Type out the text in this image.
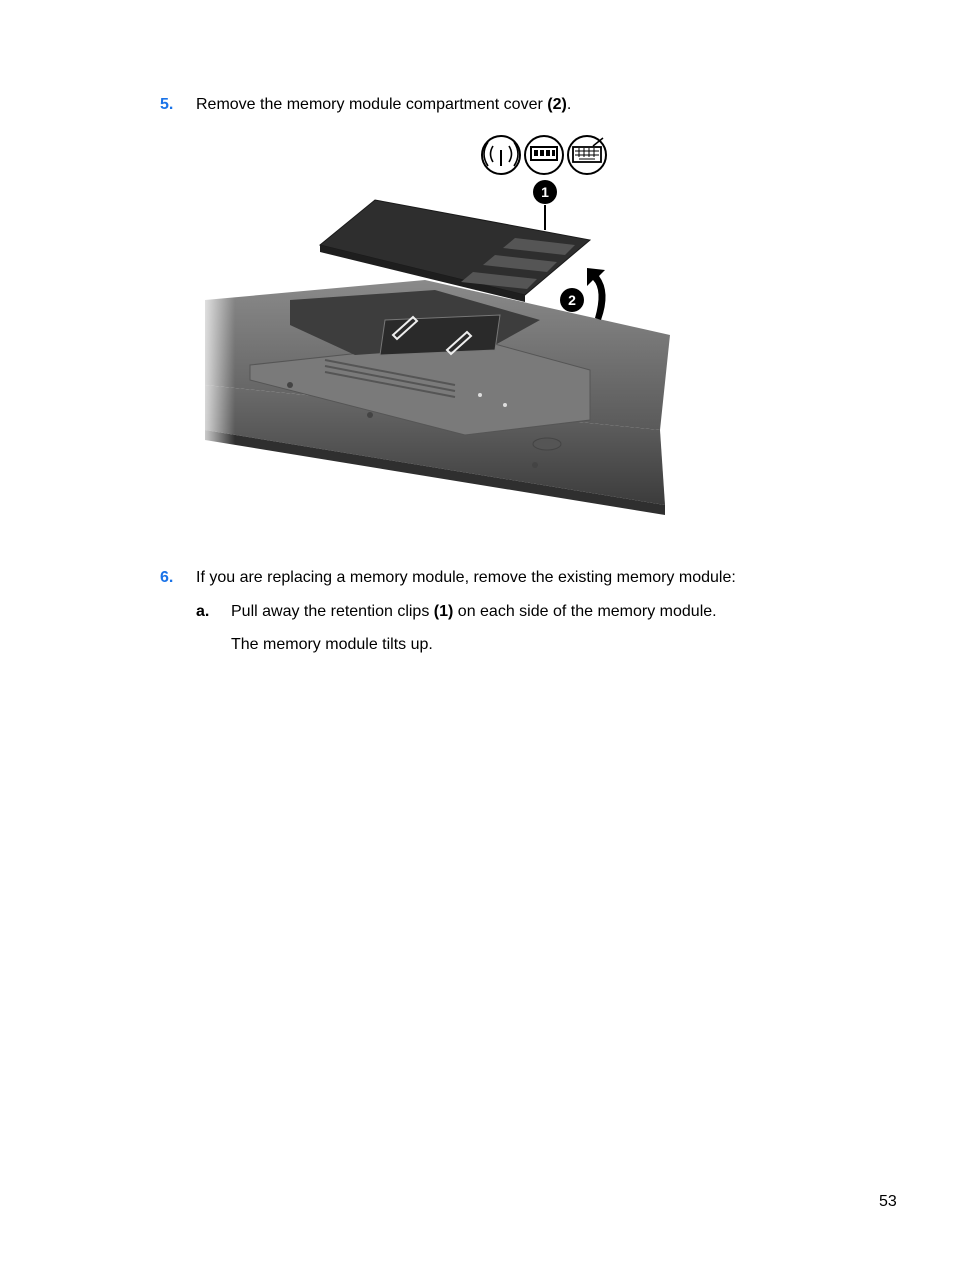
5. Remove the memory module compartment cover (2).
1
2
6. If you are replacing a memory module, remove the existing memory module:
a. Pull away the retention clips (1) on each side of the memory module.
The memory module tilts up.
53
